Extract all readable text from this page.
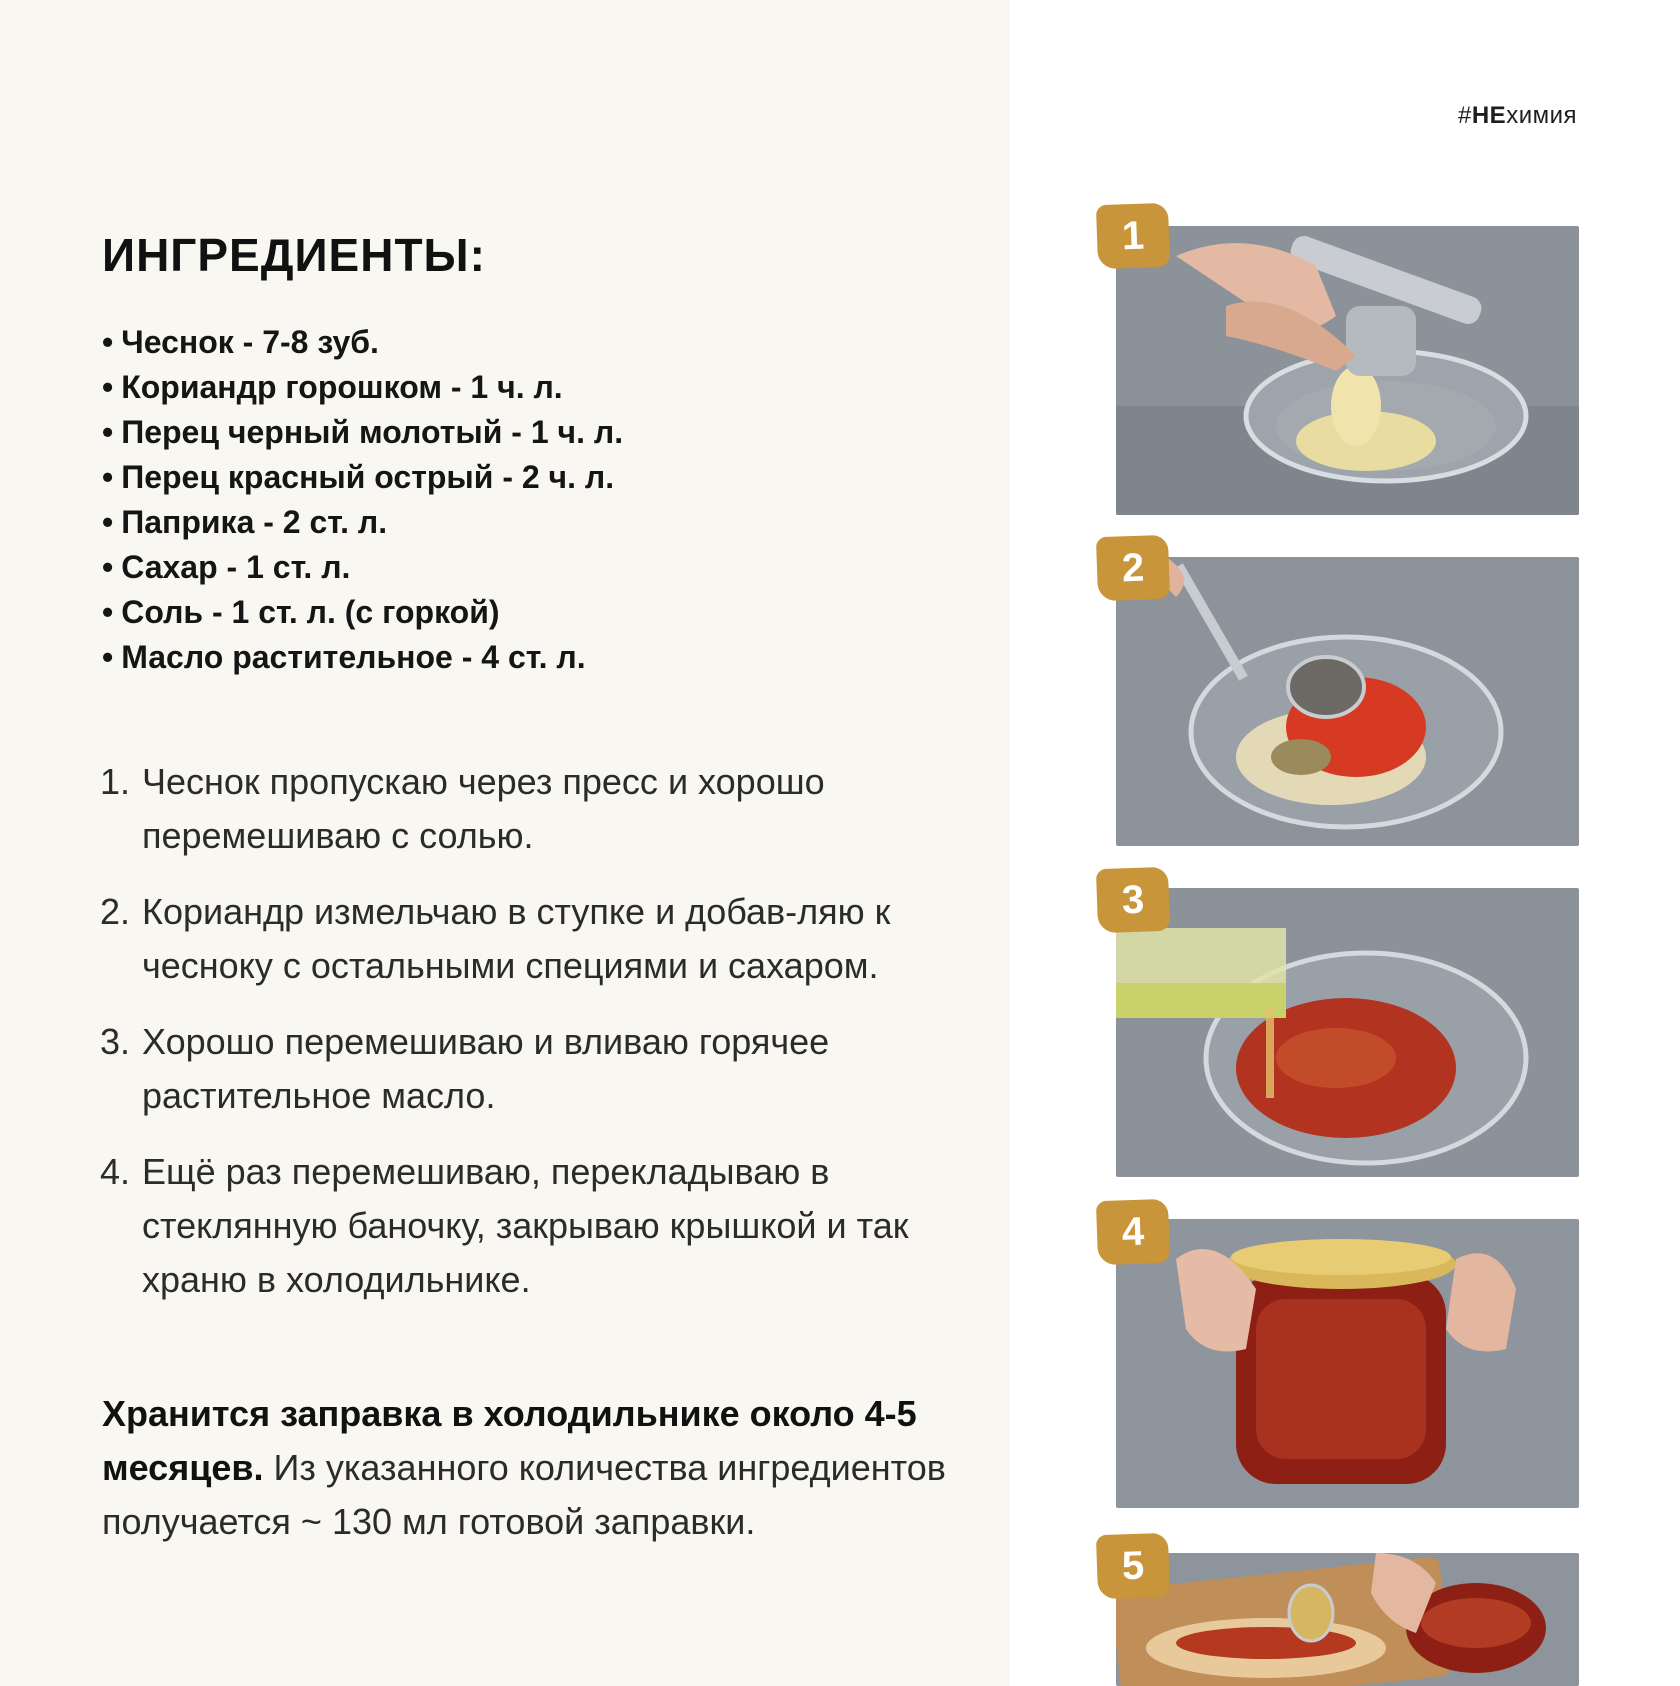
#НЕхимия
ИНГРЕДИЕНТЫ:
• Чеснок - 7-8 зуб.
• Кориандр горошком - 1 ч. л.
• Перец черный молотый - 1 ч. л.
• Перец красный острый - 2 ч. л.
• Паприка - 2 ст. л.
• Сахар - 1 ст. л.
• Соль - 1 ст. л. (с горкой)
• Масло растительное - 4 ст. л.
1. Чеснок пропускаю через пресс и хорошо перемешиваю с солью.
2. Кориандр измельчаю в ступке и добав-ляю к чесноку с остальными специями и сахаром.
3. Хорошо перемешиваю и вливаю горячее растительное масло.
4. Ещё раз перемешиваю, перекладываю в стеклянную баночку, закрываю крышкой и так храню в холодильнике.

Хранится заправка в холодильнике около 4-5 месяцев. Из указанного количества ингредиентов получается ~ 130 мл готовой заправки.

1
2
3
4
5
